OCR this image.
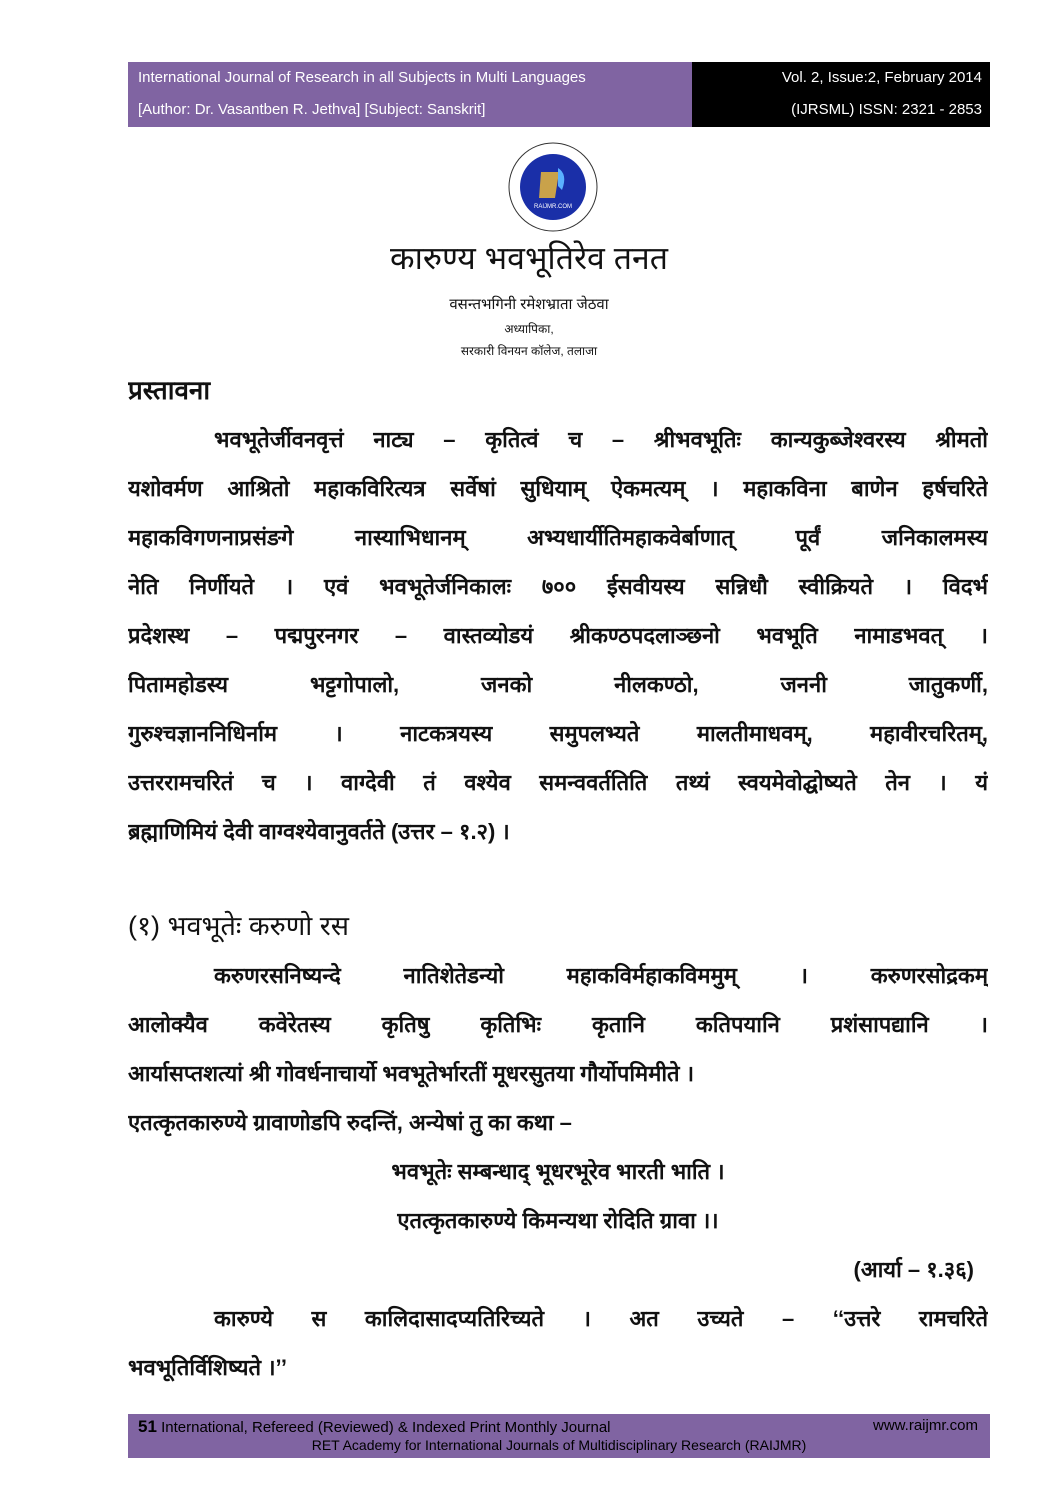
International Journal of Research in all Subjects in Multi Languages
[Author: Dr. Vasantben R. Jethva] [Subject: Sanskrit]
Vol. 2, Issue:2, February 2014
(IJRSML) ISSN: 2321 - 2853
RAIJMR.COM
कारुण्य भवभूतिरेव तनत
वसन्तभगिनी रमेशभ्राता जेठवा
अध्यापिका,
सरकारी विनयन कॉलेज, तलाजा
प्रस्तावना
भवभूतेर्जीवनवृत्तं नाट्य – कृतित्वं च – श्रीभवभूतिः कान्यकुब्जेश्वरस्य श्रीमतो
यशोवर्मण आश्रितो महाकविरित्यत्र सर्वेषां सुधियाम् ऐकमत्यम् । महाकविना बाणेन हर्षचरिते
महाकविगणनाप्रसंङगे नास्याभिधानम् अभ्यधार्यीतिमहाकवेर्बाणात् पूर्वं जनिकालमस्य
नेति निर्णीयते । एवं भवभूतेर्जनिकालः ७०० ईसवीयस्य सन्निधौ स्वीक्रियते । विदर्भ
प्रदेशस्थ – पद्मपुरनगर – वास्तव्योडयं श्रीकण्ठपदलाञ्छनो भवभूति नामाडभवत् ।
पितामहोडस्य भट्टगोपालो, जनको नीलकण्ठो, जननी जातुकर्णी,
गुरुश्चज्ञाननिधिर्नाम । नाटकत्रयस्य समुपलभ्यते मालतीमाधवम्, महावीरचरितम्,
उत्तररामचरितं च । वाग्देवी तं वश्येव समन्ववर्ततिति तथ्यं स्वयमेवोद्घोष्यते तेन । यं
ब्रह्माणिमियं देवी वाग्वश्येवानुवर्तते (उत्तर – १.२) ।
(१) भवभूतेः करुणो रस
करुणरसनिष्यन्दे नातिशेतेडन्यो महाकविर्महाकविममुम् । करुणरसोद्रकम्
आलोक्यैव कवेरेतस्य कृतिषु कृतिभिः कृतानि कतिपयानि प्रशंसापद्यानि ।
आर्यासप्तशत्यां श्री गोवर्धनाचार्यो भवभूतेर्भारतीं मूधरसुतया गौर्योपमिमीते ।
एतत्कृतकारुण्ये ग्रावाणोडपि रुदन्तिं, अन्येषां तु का कथा –
भवभूतेः सम्बन्धाद् भूधरभूरेव भारती भाति ।
एतत्कृतकारुण्ये किमन्यथा रोदिति ग्रावा ।।
(आर्या – १.३६)
कारुण्ये स कालिदासादप्यतिरिच्यते । अत उच्यते – ‘‘उत्तरे रामचरिते
भवभूतिर्विशिष्यते ।’’
51 International, Refereed (Reviewed) & Indexed Print Monthly Journal	www.raijmr.com
RET Academy for International Journals of Multidisciplinary Research (RAIJMR)
